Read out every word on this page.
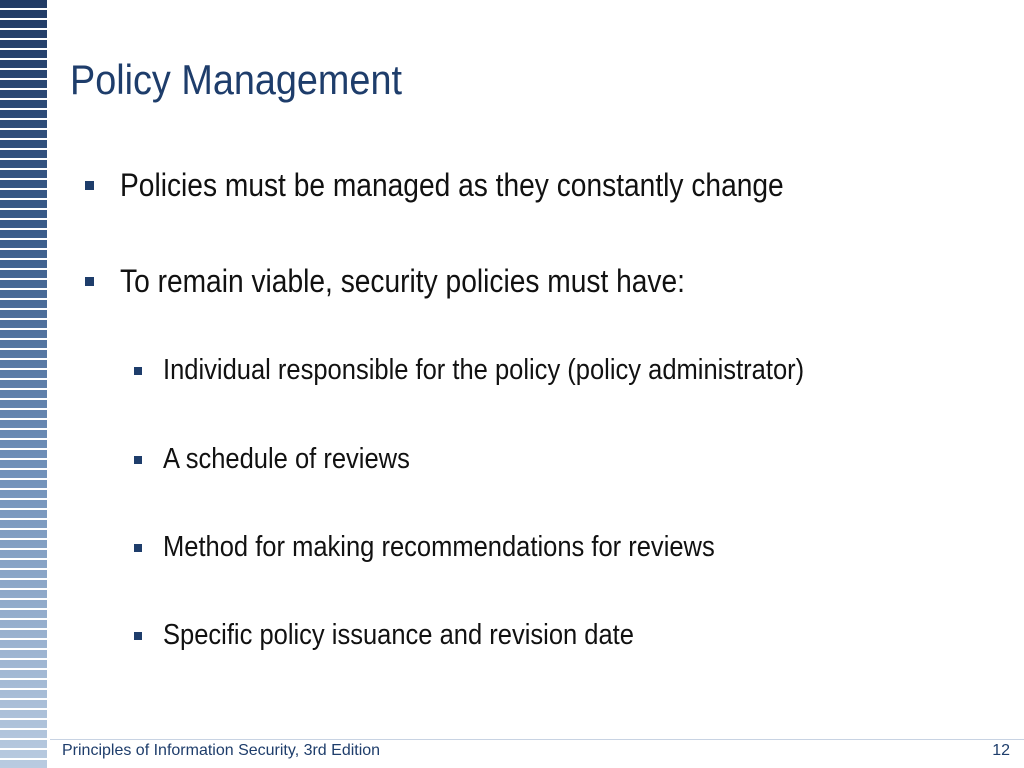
Policy Management
Policies must be managed as they constantly change
To remain viable, security policies must have:
Individual responsible for the policy (policy administrator)
A schedule of reviews
Method for making recommendations for reviews
Specific policy issuance and revision date
Principles of Information Security, 3rd Edition	12
